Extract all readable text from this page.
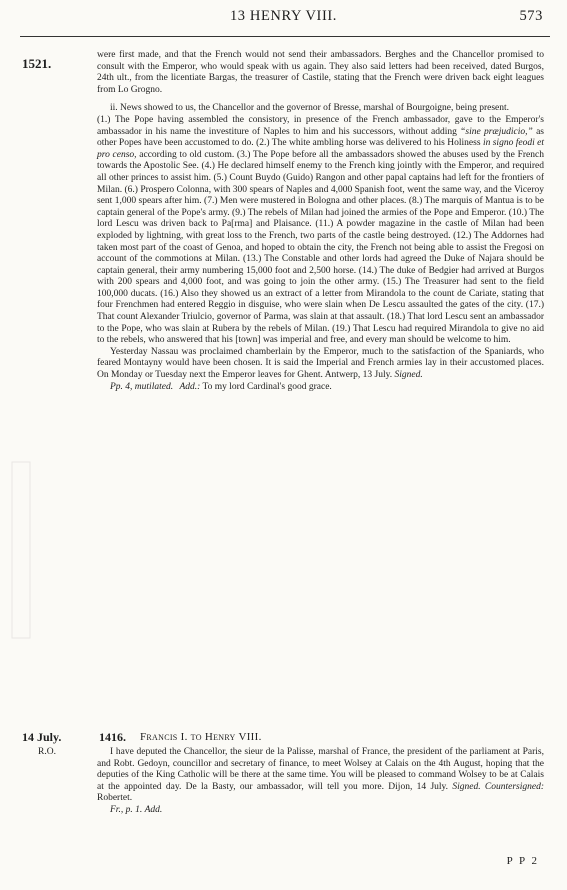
13 HENRY VIII.	573
1521.

were first made, and that the French would not send their ambassadors. Berghes and the Chancellor promised to consult with the Emperor, who would speak with us again. They also said letters had been received, dated Burgos, 24th ult., from the licentiate Bargas, the treasurer of Castile, stating that the French were driven back eight leagues from Lo Grogno.

ii. News showed to us, the Chancellor and the governor of Bresse, marshal of Bourgoigne, being present.

(1.) The Pope having assembled the consistory, in presence of the French ambassador, gave to the Emperor's ambassador in his name the investiture of Naples to him and his successors, without adding “sine præjudicio,” as other Popes have been accustomed to do. (2.) The white ambling horse was delivered to his Holiness in signo feodi et pro censo, according to old custom. (3.) The Pope before all the ambassadors showed the abuses used by the French towards the Apostolic See. (4.) He declared himself enemy to the French king jointly with the Emperor, and required all other princes to assist him. (5.) Count Buydo (Guido) Rangon and other papal captains had left for the frontiers of Milan. (6.) Prospero Colonna, with 300 spears of Naples and 4,000 Spanish foot, went the same way, and the Viceroy sent 1,000 spears after him. (7.) Men were mustered in Bologna and other places. (8.) The marquis of Mantua is to be captain general of the Pope's army. (9.) The rebels of Milan had joined the armies of the Pope and Emperor. (10.) The lord Lescu was driven back to Pa[rma] and Plaisance. (11.) A powder magazine in the castle of Milan had been exploded by lightning, with great loss to the French, two parts of the castle being destroyed. (12.) The Addornes had taken most part of the coast of Genoa, and hoped to obtain the city, the French not being able to assist the Fregosi on account of the commotions at Milan. (13.) The Constable and other lords had agreed the Duke of Najara should be captain general, their army numbering 15,000 foot and 2,500 horse. (14.) The duke of Bedgier had arrived at Burgos with 200 spears and 4,000 foot, and was going to join the other army. (15.) The Treasurer had sent to the field 100,000 ducats. (16.) Also they showed us an extract of a letter from Mirandola to the count de Cariate, stating that four Frenchmen had entered Reggio in disguise, who were slain when De Lescu assaulted the gates of the city. (17.) That count Alexander Triulcio, governor of Parma, was slain at that assault. (18.) That lord Lescu sent an ambassador to the Pope, who was slain at Rubera by the rebels of Milan. (19.) That Lescu had required Mirandola to give no aid to the rebels, who answered that his [town] was imperial and free, and every man should be welcome to him.

Yesterday Nassau was proclaimed chamberlain by the Emperor, much to the satisfaction of the Spaniards, who feared Montayny would have been chosen. It is said the Imperial and French armies lay in their accustomed places. On Monday or Tuesday next the Emperor leaves for Ghent. Antwerp, 13 July. Signed.

Pp. 4, mutilated. Add.: To my lord Cardinal's good grace.

14 July.
R.O.
1416. Francis I. to Henry VIII.

I have deputed the Chancellor, the sieur de la Palisse, marshal of France, the president of the parliament at Paris, and Robt. Gedoyn, councillor and secretary of finance, to meet Wolsey at Calais on the 4th August, hoping that the deputies of the King Catholic will be there at the same time. You will be pleased to command Wolsey to be at Calais at the appointed day. De la Basty, our ambassador, will tell you more. Dijon, 14 July. Signed. Countersigned: Robertet.

Fr., p. 1. Add.

P P 2
